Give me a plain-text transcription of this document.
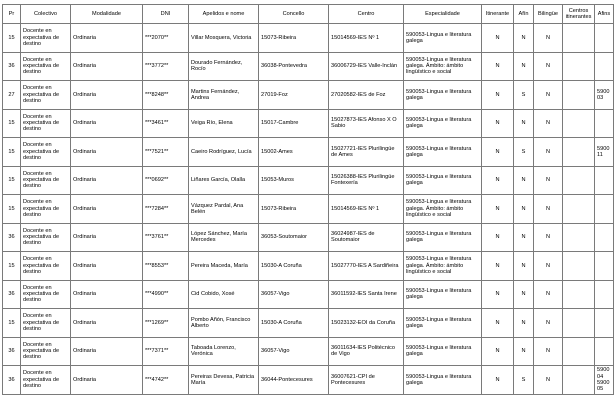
Pr	Colectivo	Modalidade	DNI	Apelidos e nome	Concello	Centro	Especialidade	Itinerante	Afín	Bilingüe	Centros itinerantes	Afins
15	Docente en expectativa de destino	Ordinaria	***2070**	Villar Mosquera, Victoria	15073-Ribeira	15014569-IES Nº 1	590053-Lingua e literatura galega	N	N	N		
36	Docente en expectativa de destino	Ordinaria	***3772**	Dourado Fernández, Rocío	36038-Pontevedra	36006729-IES Valle-Inclán	590053-Lingua e literatura galega. Ámbito: ámbito lingüístico e social	N	N	N		
27	Docente en expectativa de destino	Ordinaria	***8248**	Martins Fernández, Andrea	27019-Foz	27020582-IES de Foz	590053-Lingua e literatura galega	N	S	N		590003
15	Docente en expectativa de destino	Ordinaria	***3461**	Veiga Río, Elena	15017-Cambre	15027873-IES Afonso X O Sabio	590053-Lingua e literatura galega	N	N	N		
15	Docente en expectativa de destino	Ordinaria	***7521**	Caeiro Rodríguez, Lucía	15002-Ames	15027721-IES Plurilingüe de Ames	590053-Lingua e literatura galega	N	S	N		590011
15	Docente en expectativa de destino	Ordinaria	***0692**	Liñares García, Olalla	15053-Muros	15026388-IES Plurilingüe Fontexería	590053-Lingua e literatura galega	N	N	N		
15	Docente en expectativa de destino	Ordinaria	***7284**	Vázquez Pardal, Ana Belén	15073-Ribeira	15014569-IES Nº 1	590053-Lingua e literatura galega. Ámbito: ámbito lingüístico e social	N	N	N		
36	Docente en expectativa de destino	Ordinaria	***3761**	López Sánchez, María Mercedes	36053-Soutomaior	36024987-IES de Soutomaior	590053-Lingua e literatura galega	N	N	N		
15	Docente en expectativa de destino	Ordinaria	***8553**	Pereira Maceda, María	15030-A Coruña	15027770-IES A Sardiñeira	590053-Lingua e literatura galega. Ámbito: ámbito lingüístico e social	N	N	N		
36	Docente en expectativa de destino	Ordinaria	***4990**	Cid Cobido, Xosé	36057-Vigo	36011592-IES Santa Irene	590053-Lingua e literatura galega	N	N	N		
15	Docente en expectativa de destino	Ordinaria	***1269**	Pombo Añón, Francisco Alberto	15030-A Coruña	15023132-EOI da Coruña	590053-Lingua e literatura galega	N	N	N		
36	Docente en expectativa de destino	Ordinaria	***7371**	Taboada Lorenzo, Verónica	36057-Vigo	36011634-IES Politécnico de Vigo	590053-Lingua e literatura galega	N	N	N		
36	Docente en expectativa de destino	Ordinaria	***4742**	Pereiras Devesa, Patricia María	36044-Pontecesures	36007621-CPI de Pontecesures	590053-Lingua e literatura galega	N	S	N		590004 590005
